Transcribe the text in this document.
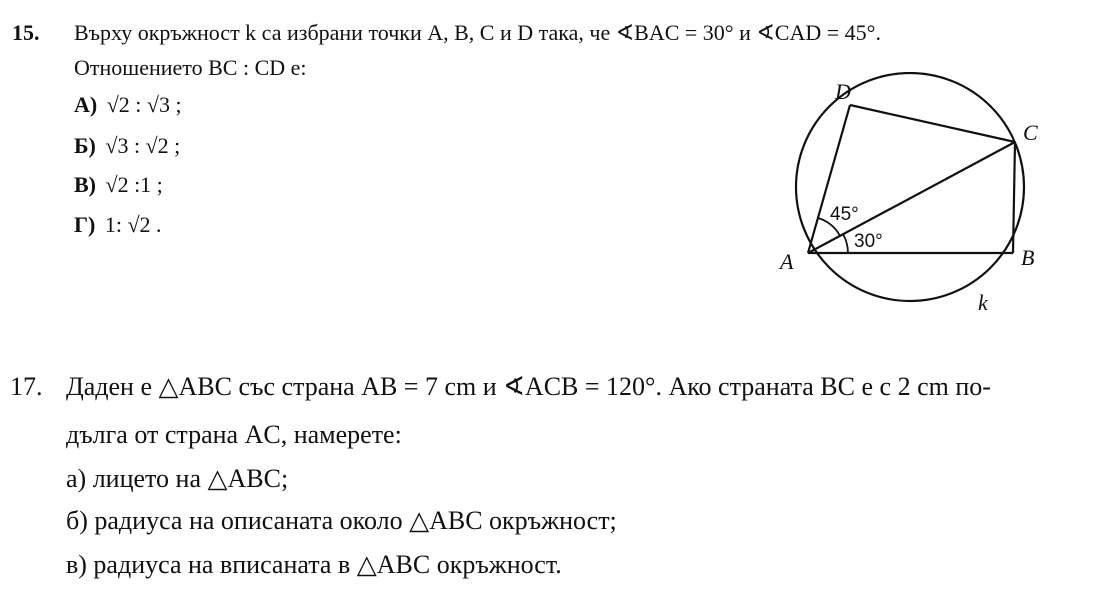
15. Върху окръжност k са избрани точки A, B, C и D така, че ∢BAC = 30° и ∢CAD = 45°.
Отношението BC : CD е:
А) √2 : √3 ;
Б) √3 : √2 ;
В) √2 :1 ;
Г) 1: √2 .
D
C
A	B
k
45°
30°
17. Даден е △ABC със страна AB = 7 cm и ∢ACB = 120°. Ако страната BC е с 2 cm по-
дълга от страна AC, намерете:
а) лицето на △ABC;
б) радиуса на описаната около △ABC окръжност;
в) радиуса на вписаната в △ABC окръжност.
